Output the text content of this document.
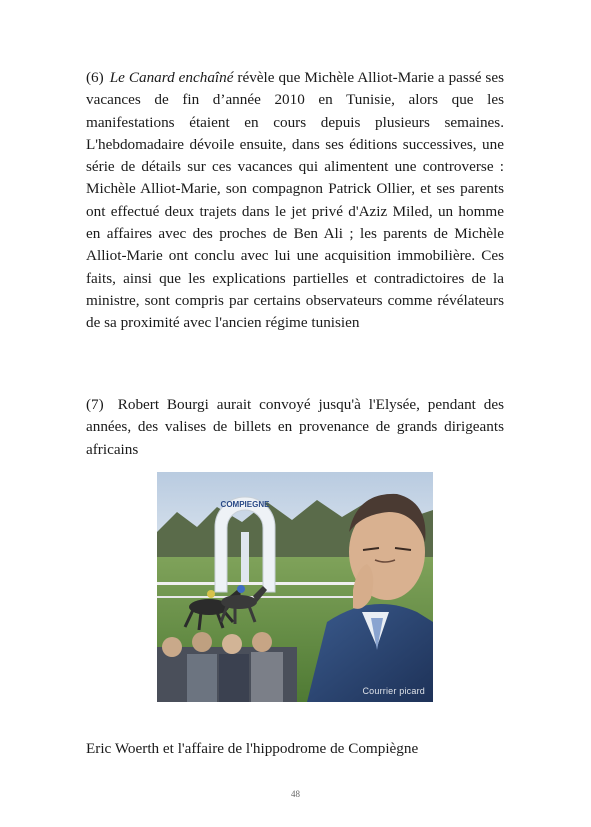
(6) Le Canard enchaîné révèle que Michèle Alliot-Marie a passé ses vacances de fin d’année 2010 en Tunisie, alors que les manifestations étaient en cours depuis plusieurs semaines. L'hebdomadaire dévoile ensuite, dans ses éditions successives, une série de détails sur ces vacances qui alimentent une controverse : Michèle Alliot-Marie, son compagnon Patrick Ollier, et ses parents ont effectué deux trajets dans le jet privé d'Aziz Miled, un homme en affaires avec des proches de Ben Ali ; les parents de Michèle Alliot-Marie ont conclu avec lui une acquisition immobilière. Ces faits, ainsi que les explications partielles et contradictoires de la ministre, sont compris par certains observateurs comme révélateurs de sa proximité avec l'ancien régime tunisien

(7) Robert Bourgi aurait convoyé jusqu'à l'Elysée, pendant des années, des valises de billets en provenance de grands dirigeants africains

COMPIEGNE
Courrier picard

Eric Woerth et l'affaire de l'hippodrome de Compiègne

48
